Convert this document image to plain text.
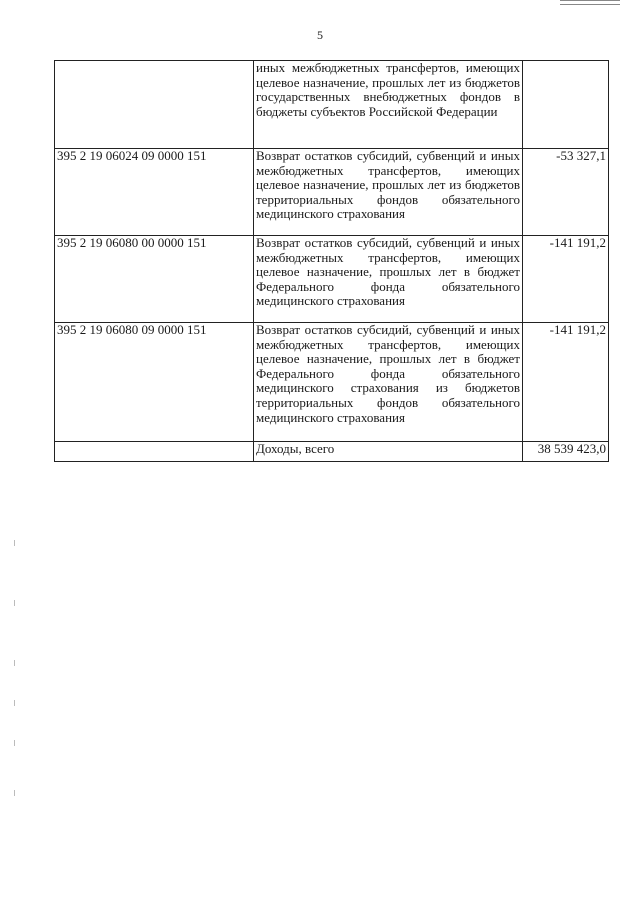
5
	иных межбюджетных трансфертов, имеющих целевое назначение, прошлых лет из бюджетов государственных внебюджетных фондов в бюджеты субъектов Российской Федерации	
395 2 19 06024 09 0000 151	Возврат остатков субсидий, субвенций и иных межбюджетных трансфертов, имеющих целевое назначение, прошлых лет из бюджетов территориальных фондов обязательного медицинского страхования	-53 327,1
395 2 19 06080 00 0000 151	Возврат остатков субсидий, субвенций и иных межбюджетных трансфертов, имеющих целевое назначение, прошлых лет в бюджет Федерального фонда обязательного медицинского страхования	-141 191,2
395 2 19 06080 09 0000 151	Возврат остатков субсидий, субвенций и иных межбюджетных трансфертов, имеющих целевое назначение, прошлых лет в бюджет Федерального фонда обязательного медицинского страхования из бюджетов территориальных фондов обязательного медицинского страхования	-141 191,2
	Доходы, всего	38 539 423,0
